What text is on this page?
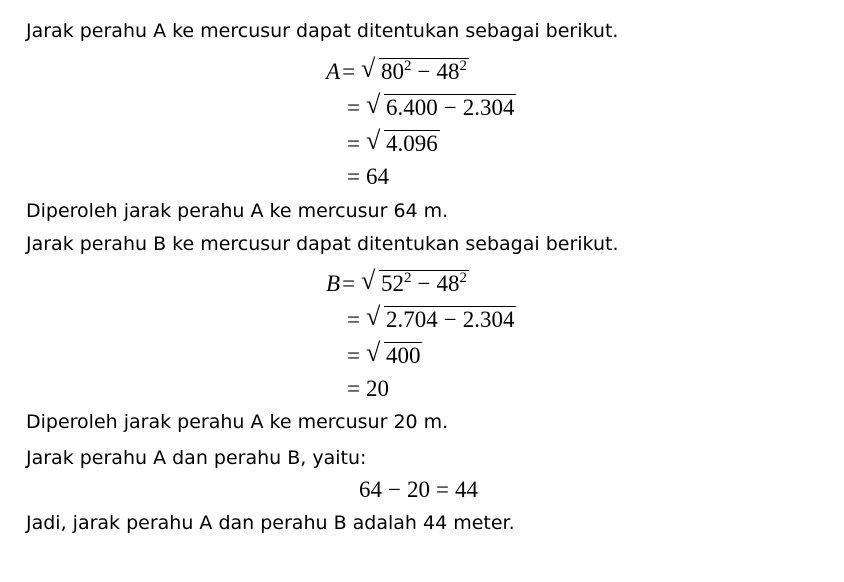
Jarak perahu A ke mercusur dapat ditentukan sebagai berikut.
A= √ $80^2 - 48^2$
= √ 6.400 − 2.304
= √ 4.096
= 64
Diperoleh jarak perahu A ke mercusur 64 m.
Jarak perahu B ke mercusur dapat ditentukan sebagai berikut.
B= √ $52^2 - 48^2$
= √ 2.704 − 2.304
= √ 400
= 20
Diperoleh jarak perahu A ke mercusur 20 m.
Jarak perahu A dan perahu B, yaitu:
64 − 20 = 44
Jadi, jarak perahu A dan perahu B adalah 44 meter.
